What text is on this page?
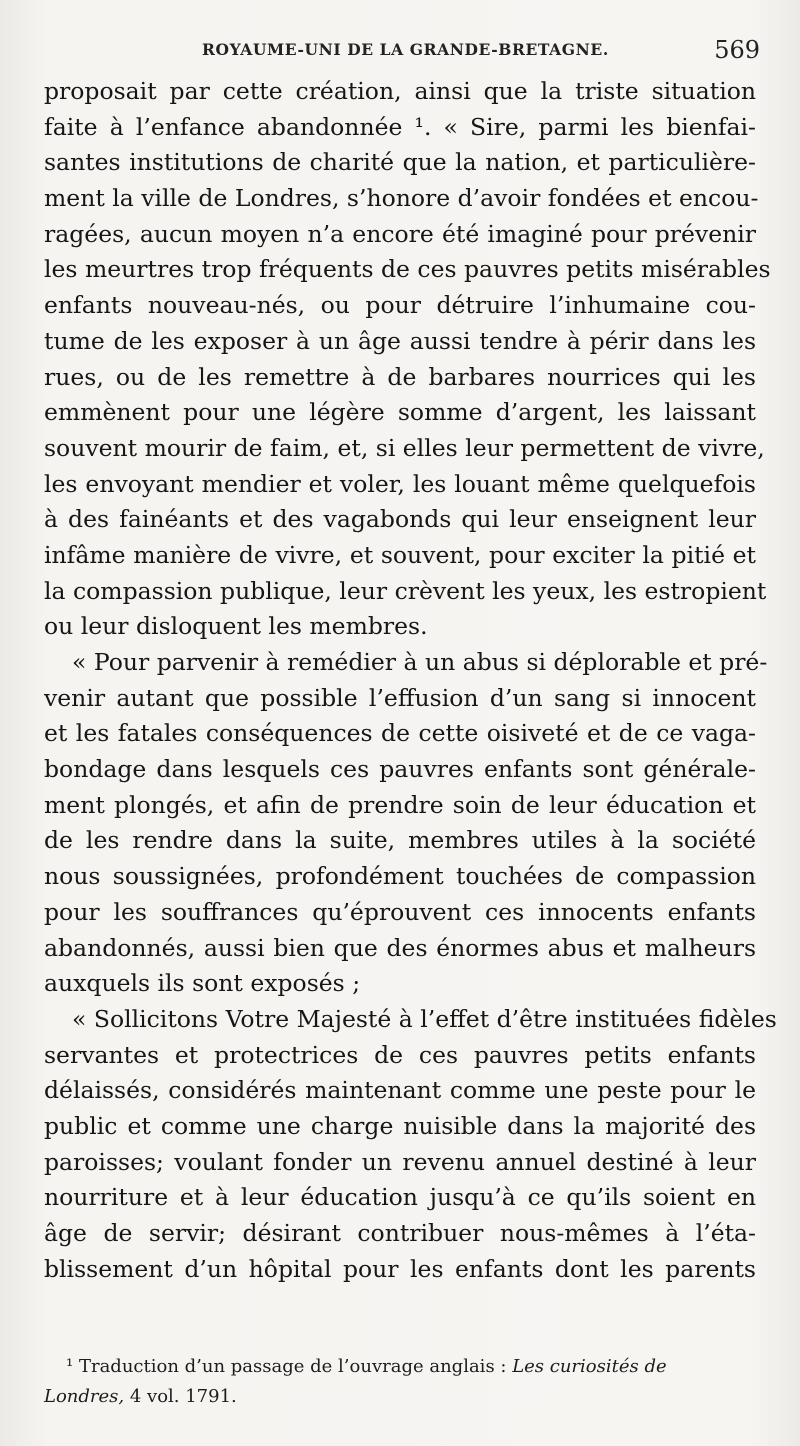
ROYAUME-UNI DE LA GRANDE-BRETAGNE.	569
proposait par cette création, ainsi que la triste situation
faite à l’enfance abandonnée ¹. « Sire, parmi les bienfai-
santes institutions de charité que la nation, et particulière-
ment la ville de Londres, s’honore d’avoir fondées et encou-
ragées, aucun moyen n’a encore été imaginé pour prévenir
les meurtres trop fréquents de ces pauvres petits misérables
enfants nouveau-nés, ou pour détruire l’inhumaine cou-
tume de les exposer à un âge aussi tendre à périr dans les
rues, ou de les remettre à de barbares nourrices qui les
emmènent pour une légère somme d’argent, les laissant
souvent mourir de faim, et, si elles leur permettent de vivre,
les envoyant mendier et voler, les louant même quelquefois
à des fainéants et des vagabonds qui leur enseignent leur
infâme manière de vivre, et souvent, pour exciter la pitié et
la compassion publique, leur crèvent les yeux, les estropient
ou leur disloquent les membres.
« Pour parvenir à remédier à un abus si déplorable et pré-
venir autant que possible l’effusion d’un sang si innocent
et les fatales conséquences de cette oisiveté et de ce vaga-
bondage dans lesquels ces pauvres enfants sont générale-
ment plongés, et afin de prendre soin de leur éducation et
de les rendre dans la suite, membres utiles à la société
nous soussignées, profondément touchées de compassion
pour les souffrances qu’éprouvent ces innocents enfants
abandonnés, aussi bien que des énormes abus et malheurs
auxquels ils sont exposés ;
« Sollicitons Votre Majesté à l’effet d’être instituées fidèles
servantes et protectrices de ces pauvres petits enfants
délaissés, considérés maintenant comme une peste pour le
public et comme une charge nuisible dans la majorité des
paroisses; voulant fonder un revenu annuel destiné à leur
nourriture et à leur éducation jusqu’à ce qu’ils soient en
âge de servir; désirant contribuer nous-mêmes à l’éta-
blissement d’un hôpital pour les enfants dont les parents
¹ Traduction d’un passage de l’ouvrage anglais : Les curiosités de
Londres, 4 vol. 1791.
